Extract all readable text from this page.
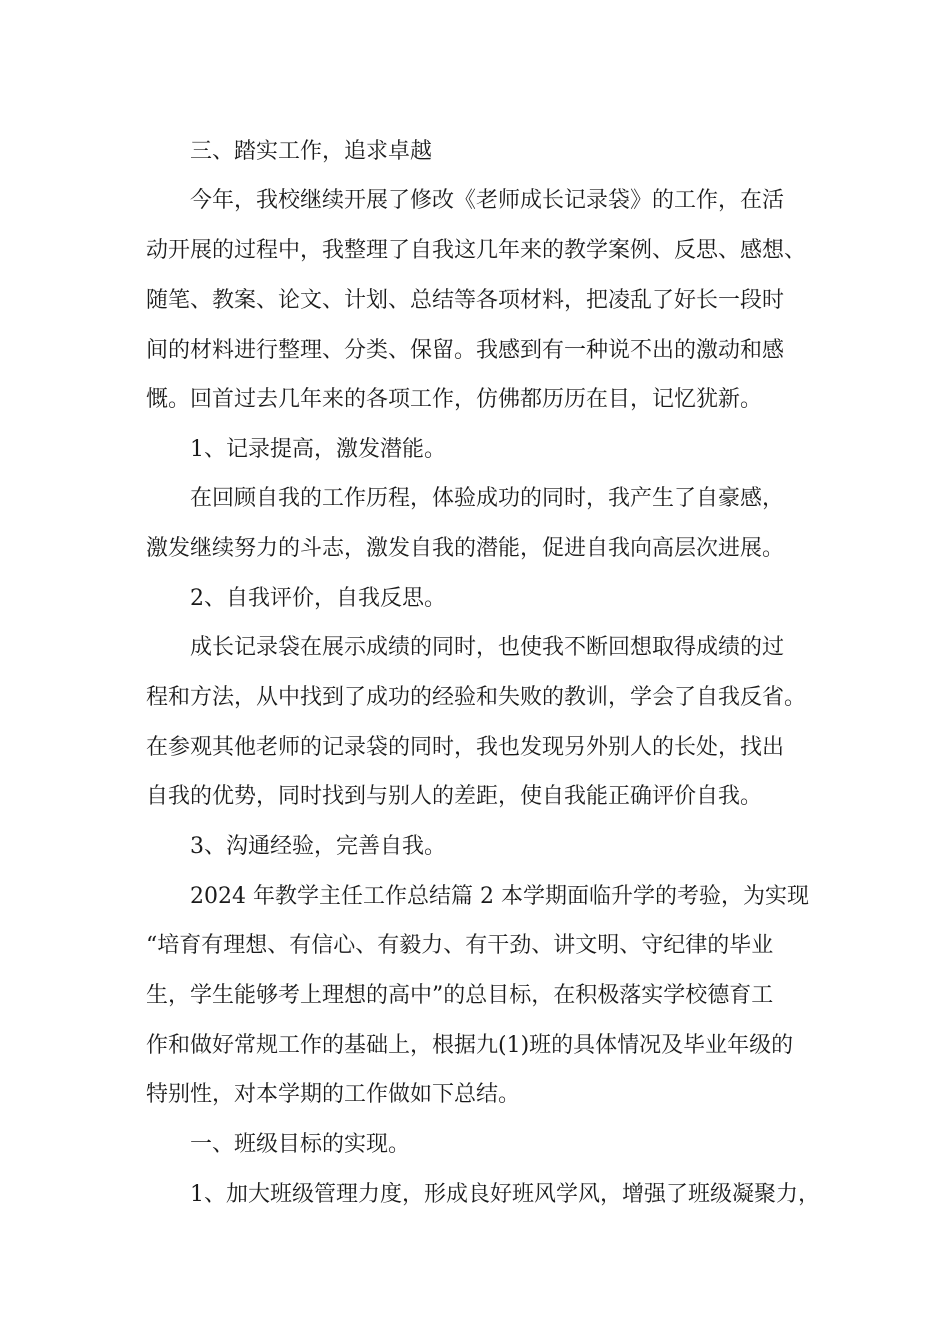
三、踏实工作，追求卓越
今年，我校继续开展了修改《老师成长记录袋》的工作，在活
动开展的过程中，我整理了自我这几年来的教学案例、反思、感想、
随笔、教案、论文、计划、总结等各项材料，把凌乱了好长一段时
间的材料进行整理、分类、保留。我感到有一种说不出的激动和感
慨。回首过去几年来的各项工作，仿佛都历历在目，记忆犹新。
1、记录提高，激发潜能。
在回顾自我的工作历程，体验成功的同时，我产生了自豪感，
激发继续努力的斗志，激发自我的潜能，促进自我向高层次进展。
2、自我评价，自我反思。
成长记录袋在展示成绩的同时，也使我不断回想取得成绩的过
程和方法，从中找到了成功的经验和失败的教训，学会了自我反省。
在参观其他老师的记录袋的同时，我也发现另外别人的长处，找出
自我的优势，同时找到与别人的差距，使自我能正确评价自我。
3、沟通经验，完善自我。
2024 年教学主任工作总结篇 2 本学期面临升学的考验，为实现
“培育有理想、有信心、有毅力、有干劲、讲文明、守纪律的毕业
生，学生能够考上理想的高中”的总目标，在积极落实学校德育工
作和做好常规工作的基础上，根据九(1)班的具体情况及毕业年级的
特别性，对本学期的工作做如下总结。
一、班级目标的实现。
1、加大班级管理力度，形成良好班风学风，增强了班级凝聚力，
